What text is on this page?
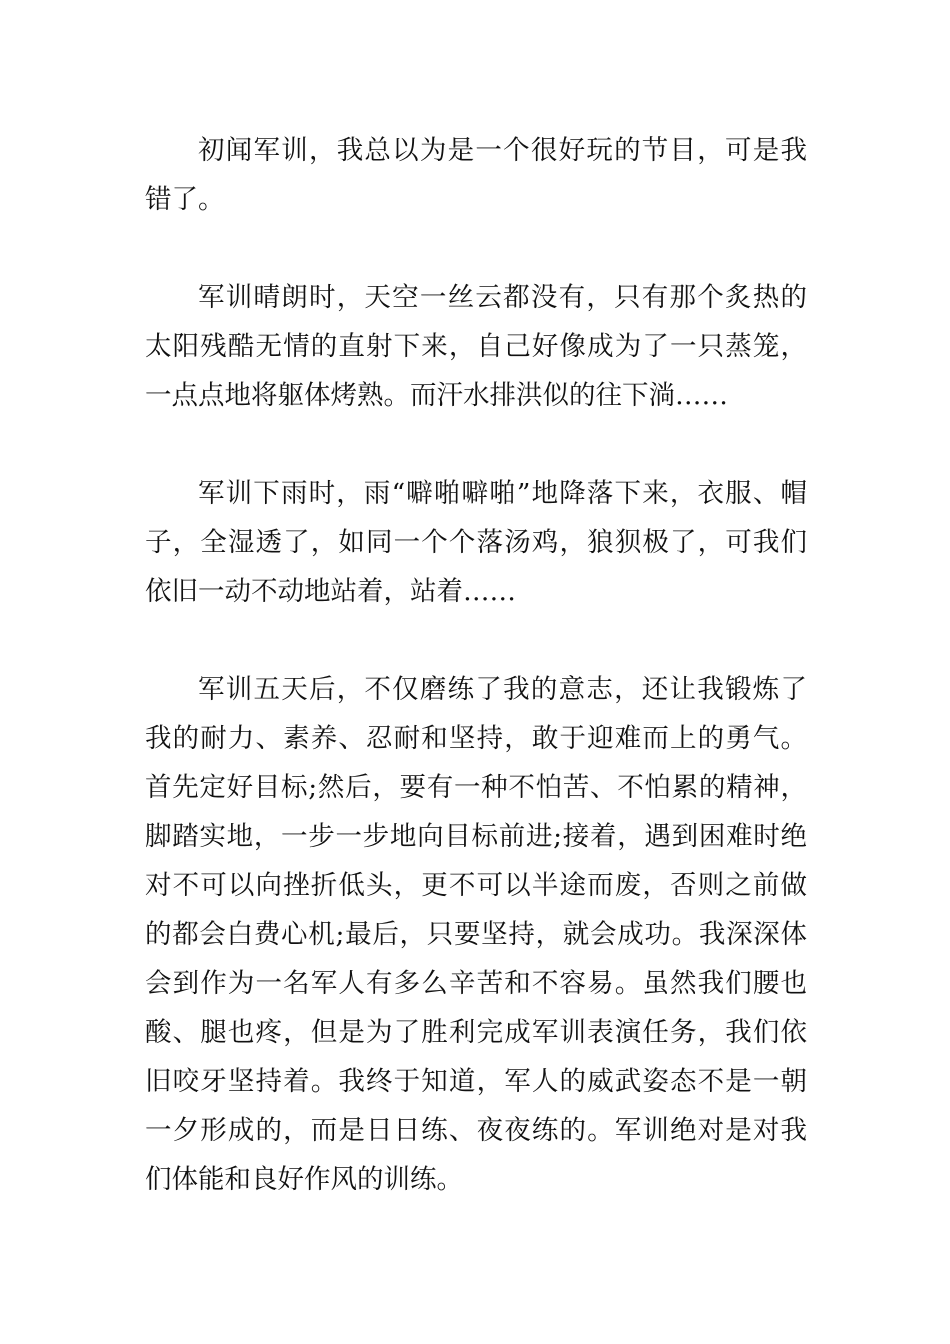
初闻军训，我总以为是一个很好玩的节目，可是我错了。

军训晴朗时，天空一丝云都没有，只有那个炙热的太阳残酷无情的直射下来，自己好像成为了一只蒸笼，一点点地将躯体烤熟。而汗水排洪似的往下淌……

军训下雨时，雨“噼啪噼啪”地降落下来，衣服、帽子，全湿透了，如同一个个落汤鸡，狼狈极了，可我们依旧一动不动地站着，站着……

军训五天后，不仅磨练了我的意志，还让我锻炼了我的耐力、素养、忍耐和坚持，敢于迎难而上的勇气。首先定好目标;然后，要有一种不怕苦、不怕累的精神，脚踏实地，一步一步地向目标前进;接着，遇到困难时绝对不可以向挫折低头，更不可以半途而废，否则之前做的都会白费心机;最后，只要坚持，就会成功。我深深体会到作为一名军人有多么辛苦和不容易。虽然我们腰也酸、腿也疼，但是为了胜利完成军训表演任务，我们依旧咬牙坚持着。我终于知道，军人的威武姿态不是一朝一夕形成的，而是日日练、夜夜练的。军训绝对是对我们体能和良好作风的训练。
